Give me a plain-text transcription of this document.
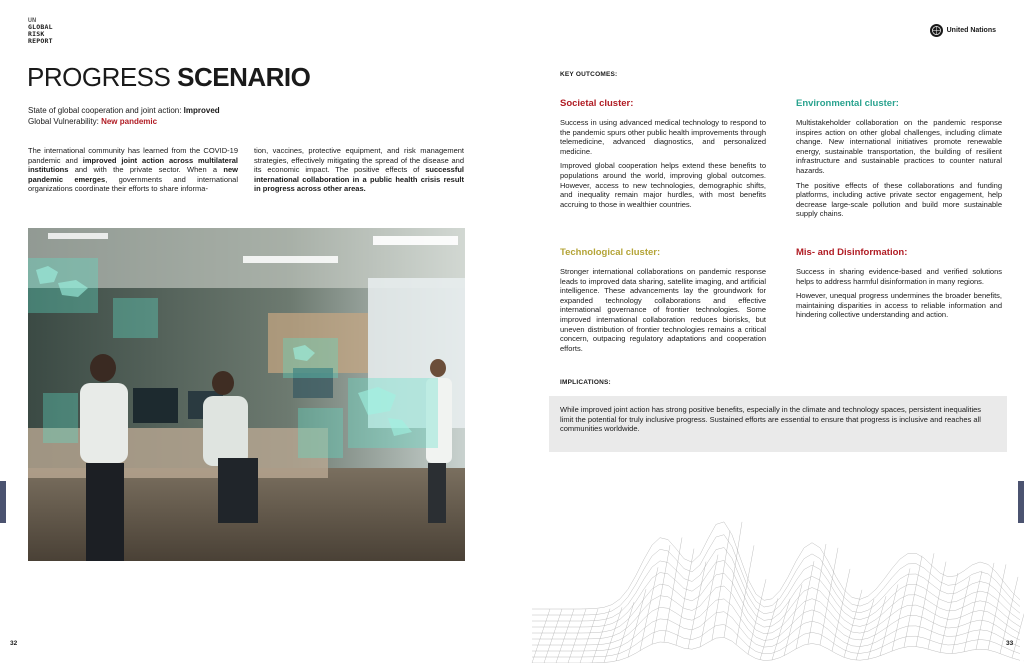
UN
GLOBAL
RISK
REPORT
PROGRESS SCENARIO
State of global cooperation and joint action: Improved
Global Vulnerability: New pandemic
The international community has learned from the COVID-19 pandemic and improved joint action across multilateral institutions and with the private sector. When a new pandemic emerges, governments and international organizations coordinate their efforts to share informa-
tion, vaccines, protective equipment, and risk management strategies, effectively mitigating the spread of the disease and its economic impact. The positive effects of successful international collaboration in a public health crisis result in progress across other areas.
32
United Nations
KEY OUTCOMES:
Societal cluster:

Success in using advanced medical technology to respond to the pandemic spurs other public health improvements through telemedicine, advanced diagnostics, and personalized medicine.

Improved global cooperation helps extend these benefits to populations around the world, improving global outcomes. However, access to new technologies, demographic shifts, and inequality remain major hurdles, with most benefits accruing to those in wealthier countries.

Environmental cluster:

Multistakeholder collaboration on the pandemic response inspires action on other global challenges, including climate change. New international initiatives promote renewable energy, sustainable transportation, the building of resilient infrastructure and sustainable practices to counter natural hazards.

The positive effects of these collaborations and funding platforms, including active private sector engagement, help decrease large-scale pollution and build more sustainable supply chains.

Technological cluster:

Stronger international collaborations on pandemic response leads to improved data sharing, satellite imaging, and artificial intelligence. These advancements lay the groundwork for expanded technology collaborations and effective international governance of frontier technologies. Some improved international collaboration reduces biorisks, but uneven distribution of frontier technologies remains a critical concern, outpacing regulatory adaptations and cooperation efforts.

Mis- and Disinformation:

Success in sharing evidence-based and verified solutions helps to address harmful disinformation in many regions.

However, unequal progress undermines the broader benefits, maintaining disparities in access to reliable information and hindering collective understanding and action.

IMPLICATIONS:
While improved joint action has strong positive benefits, especially in the climate and technology spaces, persistent inequalities limit the potential for truly inclusive progress. Sustained efforts are essential to ensure that progress is inclusive and reaches all communities worldwide.
33
